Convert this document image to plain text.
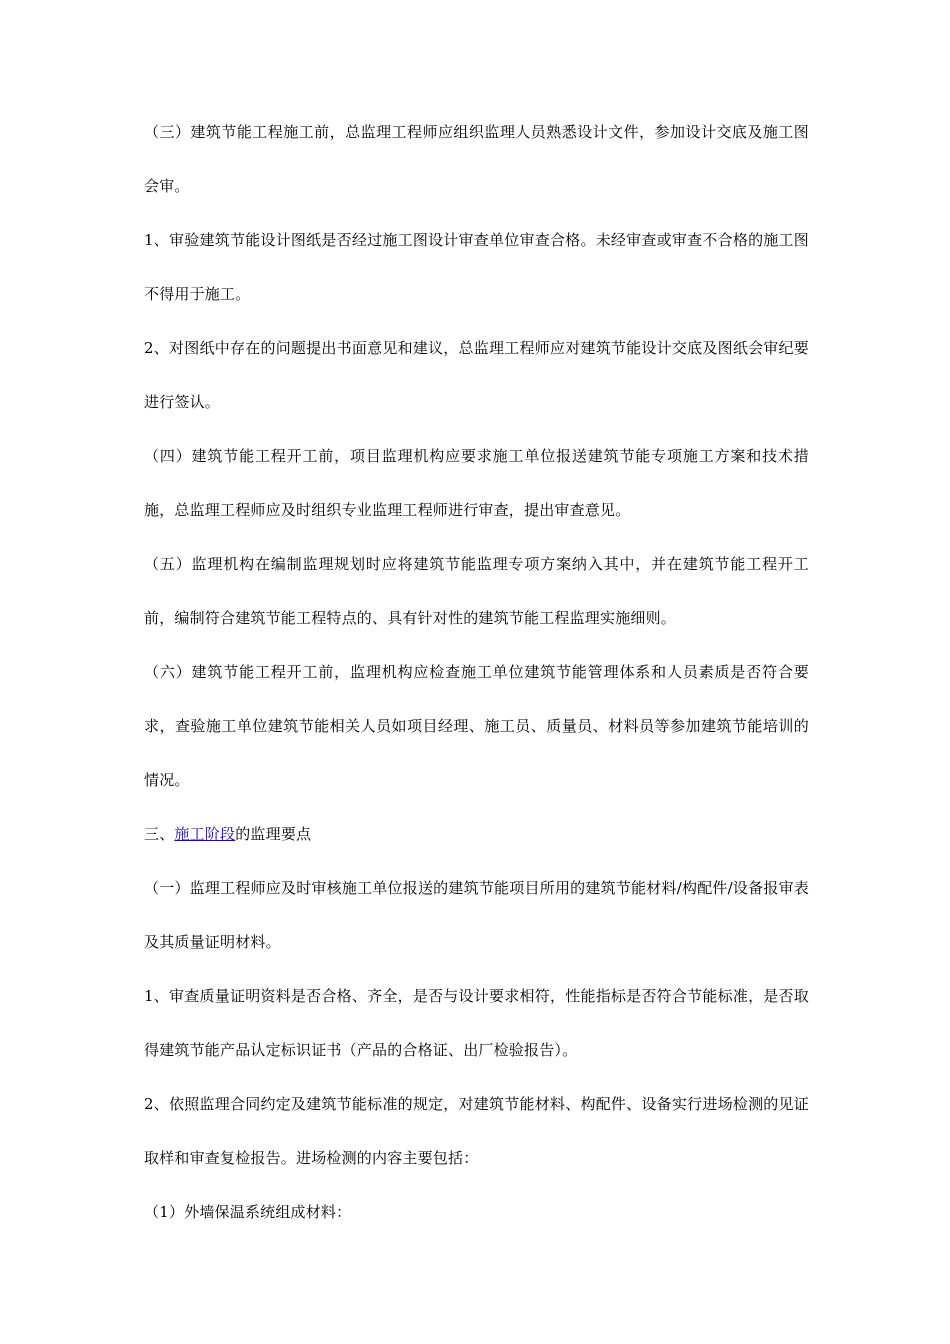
（三）建筑节能工程施工前，总监理工程师应组织监理人员熟悉设计文件，参加设计交底及施工图会审。

1、审验建筑节能设计图纸是否经过施工图设计审查单位审查合格。未经审查或审查不合格的施工图不得用于施工。

2、对图纸中存在的问题提出书面意见和建议，总监理工程师应对建筑节能设计交底及图纸会审纪要进行签认。

（四）建筑节能工程开工前，项目监理机构应要求施工单位报送建筑节能专项施工方案和技术措施，总监理工程师应及时组织专业监理工程师进行审查，提出审查意见。

（五）监理机构在编制监理规划时应将建筑节能监理专项方案纳入其中，并在建筑节能工程开工前，编制符合建筑节能工程特点的、具有针对性的建筑节能工程监理实施细则。

（六）建筑节能工程开工前，监理机构应检查施工单位建筑节能管理体系和人员素质是否符合要求，查验施工单位建筑节能相关人员如项目经理、施工员、质量员、材料员等参加建筑节能培训的情况。

三、施工阶段的监理要点

（一）监理工程师应及时审核施工单位报送的建筑节能项目所用的建筑节能材料/构配件/设备报审表及其质量证明材料。

1、审查质量证明资料是否合格、齐全，是否与设计要求相符，性能指标是否符合节能标准，是否取得建筑节能产品认定标识证书（产品的合格证、出厂检验报告）。

2、依照监理合同约定及建筑节能标准的规定，对建筑节能材料、构配件、设备实行进场检测的见证取样和审查复检报告。进场检测的内容主要包括：

（1）外墙保温系统组成材料：
